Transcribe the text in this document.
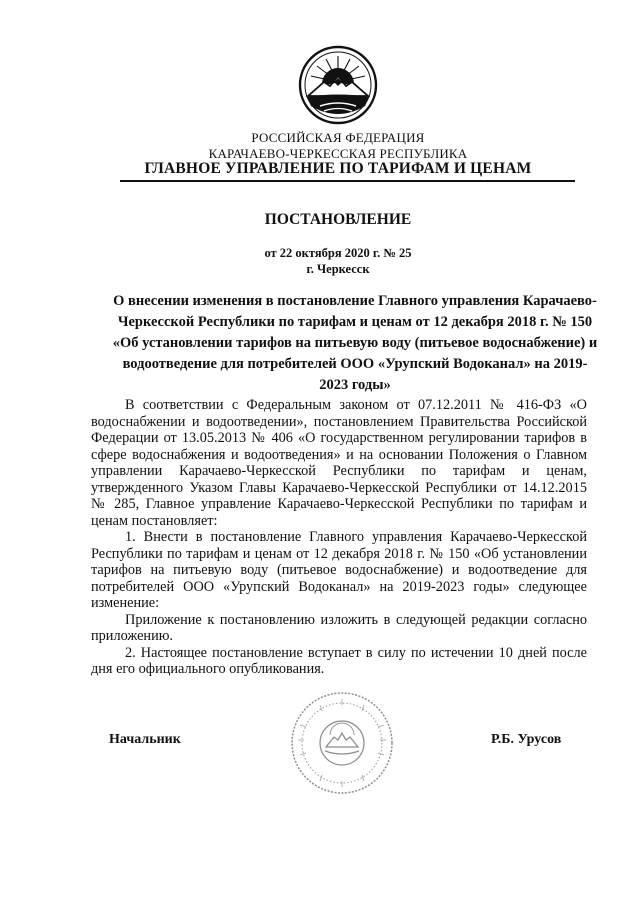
РОССИЙСКАЯ ФЕДЕРАЦИЯ
КАРАЧАЕВО-ЧЕРКЕССКАЯ РЕСПУБЛИКА
ГЛАВНОЕ УПРАВЛЕНИЕ ПО ТАРИФАМ И ЦЕНАМ
ПОСТАНОВЛЕНИЕ
от 22 октября 2020 г. № 25
г. Черкесск
О внесении изменения в постановление Главного управления Карачаево-Черкесской Республики по тарифам и ценам от 12 декабря 2018 г. № 150 «Об установлении тарифов на питьевую воду (питьевое водоснабжение) и водоотведение для потребителей ООО «Урупский Водоканал» на 2019-2023 годы»

В соответствии с Федеральным законом от 07.12.2011 № 416-ФЗ «О водоснабжении и водоотведении», постановлением Правительства Российской Федерации от 13.05.2013 № 406 «О государственном регулировании тарифов в сфере водоснабжения и водоотведения» и на основании Положения о Главном управлении Карачаево-Черкесской Республики по тарифам и ценам, утвержденного Указом Главы Карачаево-Черкесской Республики от 14.12.2015 № 285, Главное управление Карачаево-Черкесской Республики по тарифам и ценам постановляет:

1. Внести в постановление Главного управления Карачаево-Черкесской Республики по тарифам и ценам от 12 декабря 2018 г. № 150 «Об установлении тарифов на питьевую воду (питьевое водоснабжение) и водоотведение для потребителей ООО «Урупский Водоканал» на 2019-2023 годы» следующее изменение:

Приложение к постановлению изложить в следующей редакции согласно приложению.

2. Настоящее постановление вступает в силу по истечении 10 дней после дня его официального опубликования.

Начальник	Р.Б. Урусов
